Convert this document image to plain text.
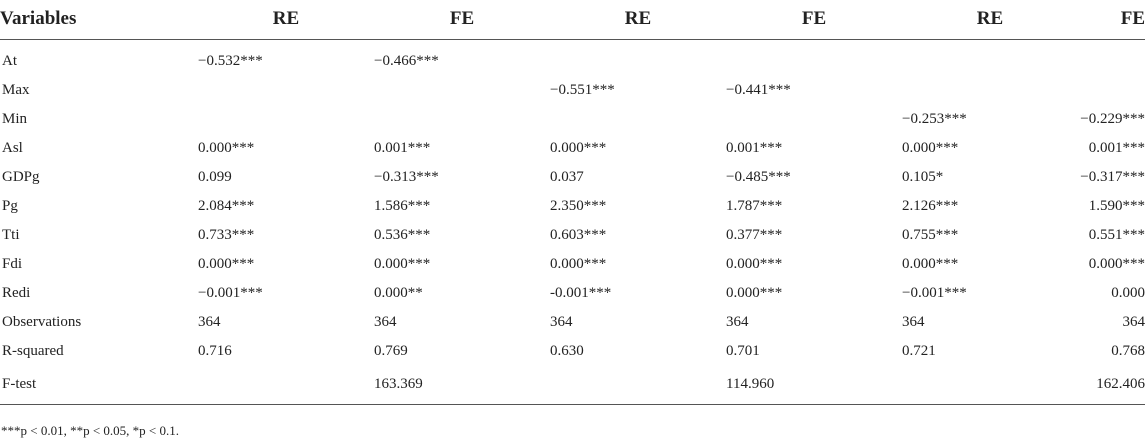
Variables	RE	FE	RE	FE	RE	FE

At	−0.532***	−0.466***				
Max			−0.551***	−0.441***		
Min					−0.253***	−0.229***
Asl	0.000***	0.001***	0.000***	0.001***	0.000***	0.001***
GDPg	0.099	−0.313***	0.037	−0.485***	0.105*	−0.317***
Pg	2.084***	1.586***	2.350***	1.787***	2.126***	1.590***
Tti	0.733***	0.536***	0.603***	0.377***	0.755***	0.551***
Fdi	0.000***	0.000***	0.000***	0.000***	0.000***	0.000***
Redi	−0.001***	0.000**	-0.001***	0.000***	−0.001***	0.000
Observations	364	364	364	364	364	364
R-squared	0.716	0.769	0.630	0.701	0.721	0.768
F-test		163.369		114.960		162.406
***p < 0.01, **p < 0.05, *p < 0.1.
